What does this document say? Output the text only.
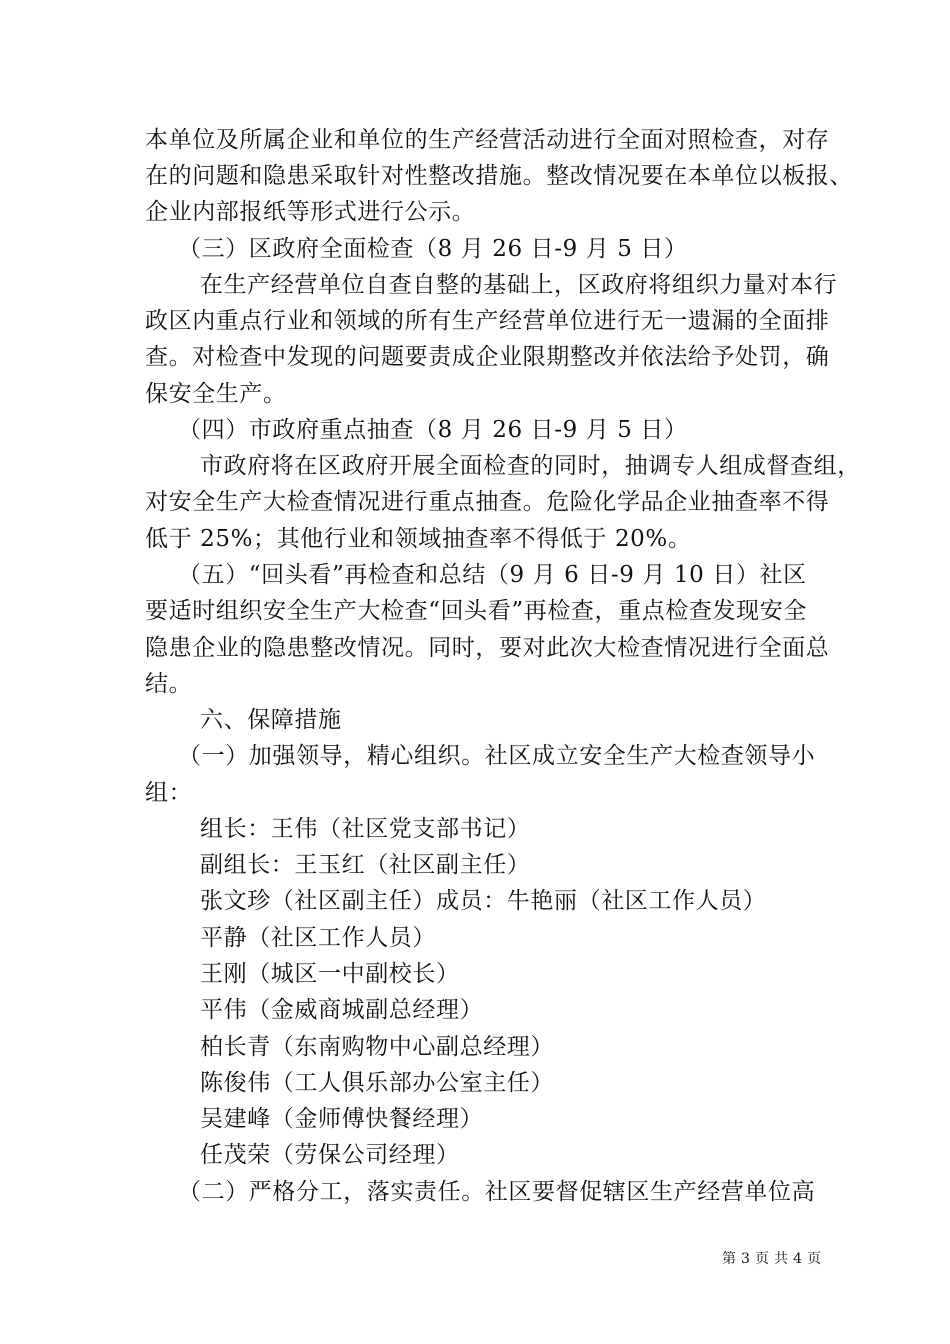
本单位及所属企业和单位的生产经营活动进行全面对照检查，对存
在的问题和隐患采取针对性整改措施。整改情况要在本单位以板报、
企业内部报纸等形式进行公示。
（三）区政府全面检查（8 月 26 日-9 月 5 日）
在生产经营单位自查自整的基础上，区政府将组织力量对本行
政区内重点行业和领域的所有生产经营单位进行无一遗漏的全面排
查。对检查中发现的问题要责成企业限期整改并依法给予处罚，确
保安全生产。
（四）市政府重点抽查（8 月 26 日-9 月 5 日）
市政府将在区政府开展全面检查的同时，抽调专人组成督查组，
对安全生产大检查情况进行重点抽查。危险化学品企业抽查率不得
低于 25%；其他行业和领域抽查率不得低于 20%。
（五）“回头看”再检查和总结（9 月 6 日-9 月 10 日）社区
要适时组织安全生产大检查“回头看”再检查，重点检查发现安全
隐患企业的隐患整改情况。同时，要对此次大检查情况进行全面总
结。
六、保障措施
（一）加强领导，精心组织。社区成立安全生产大检查领导小
组：
组长：王伟（社区党支部书记）
副组长：王玉红（社区副主任）
张文珍（社区副主任）成员：牛艳丽（社区工作人员）
平静（社区工作人员）
王刚（城区一中副校长）
平伟（金威商城副总经理）
柏长青（东南购物中心副总经理）
陈俊伟（工人俱乐部办公室主任）
吴建峰（金师傅快餐经理）
任茂荣（劳保公司经理）
（二）严格分工，落实责任。社区要督促辖区生产经营单位高
第 3 页 共 4 页
